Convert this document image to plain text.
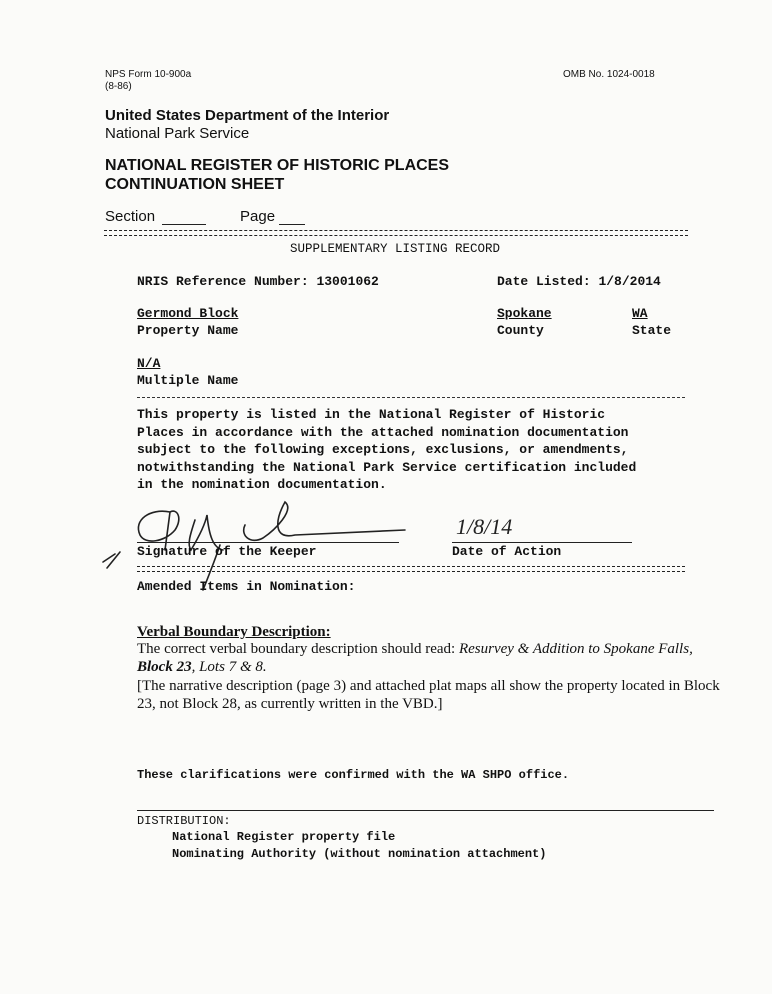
NPS Form 10-900a
(8-86)
OMB No. 1024-0018
United States Department of the Interior
National Park Service
NATIONAL REGISTER OF HISTORIC PLACES
CONTINUATION SHEET
Section	Page
SUPPLEMENTARY LISTING RECORD
NRIS Reference Number: 13001062	Date Listed: 1/8/2014
Germond Block
Property Name
Spokane
County
WA
State
N/A
Multiple Name
This property is listed in the National Register of Historic
Places in accordance with the attached nomination documentation
subject to the following exceptions, exclusions, or amendments,
notwithstanding the National Park Service certification included
in the nomination documentation.
Signature of the Keeper
1/8/14
Date of Action
Amended Items in Nomination:
Verbal Boundary Description:
The correct verbal boundary description should read: Resurvey & Addition to Spokane Falls,
Block 23, Lots 7 & 8.
[The narrative description (page 3) and attached plat maps all show the property located in Block
23, not Block 28, as currently written in the VBD.]
These clarifications were confirmed with the WA SHPO office.
DISTRIBUTION:
National Register property file
Nominating Authority (without nomination attachment)
